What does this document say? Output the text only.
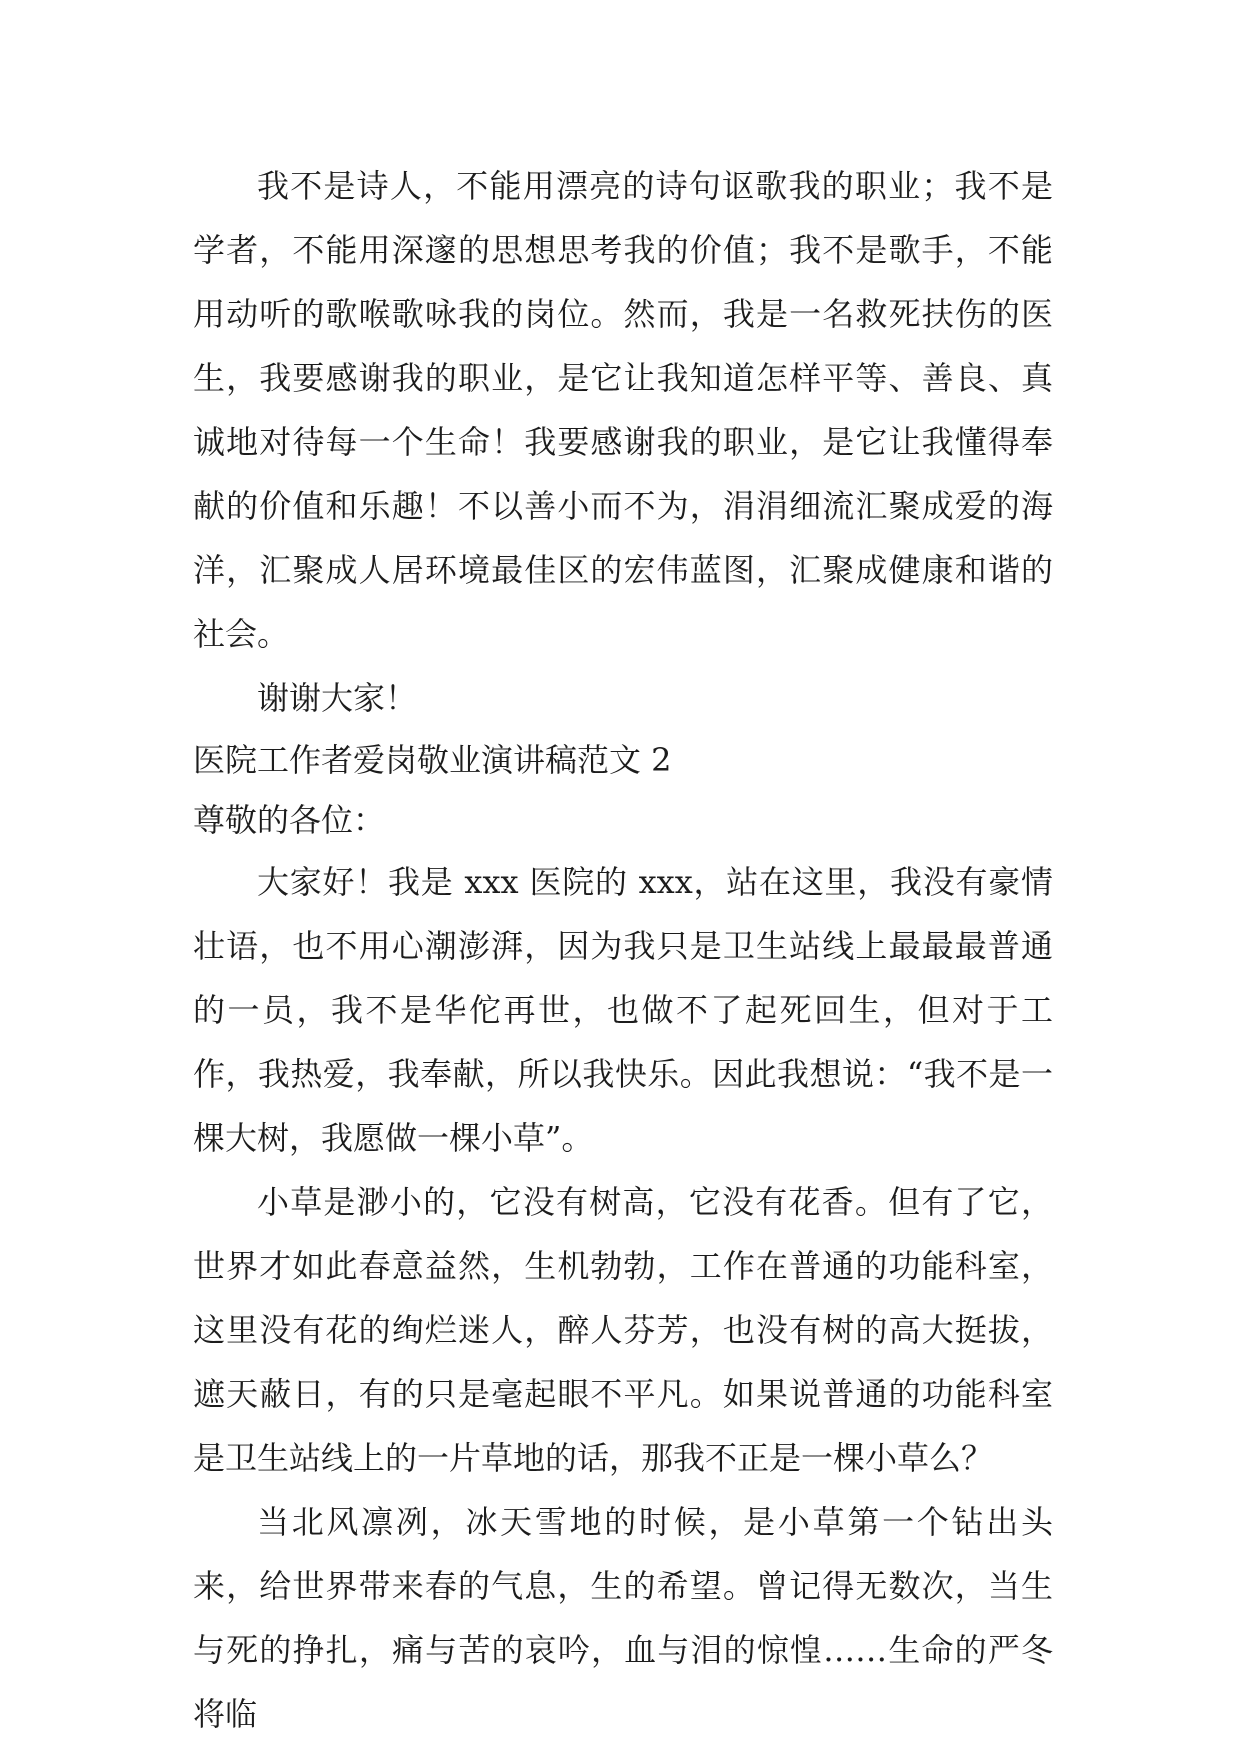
我不是诗人，不能用漂亮的诗句讴歌我的职业；我不是学者，不能用深邃的思想思考我的价值；我不是歌手，不能用动听的歌喉歌咏我的岗位。然而，我是一名救死扶伤的医生，我要感谢我的职业，是它让我知道怎样平等、善良、真诚地对待每一个生命！我要感谢我的职业，是它让我懂得奉献的价值和乐趣！不以善小而不为，涓涓细流汇聚成爱的海洋，汇聚成人居环境最佳区的宏伟蓝图，汇聚成健康和谐的社会。

谢谢大家！

医院工作者爱岗敬业演讲稿范文 2

尊敬的各位：

大家好！我是 xxx 医院的 xxx，站在这里，我没有豪情壮语，也不用心潮澎湃，因为我只是卫生站线上最最最普通的一员，我不是华佗再世，也做不了起死回生，但对于工作，我热爱，我奉献，所以我快乐。因此我想说：“我不是一棵大树，我愿做一棵小草”。

小草是渺小的，它没有树高，它没有花香。但有了它，世界才如此春意益然，生机勃勃，工作在普通的功能科室，这里没有花的绚烂迷人，醉人芬芳，也没有树的高大挺拔，遮天蔽日，有的只是毫起眼不平凡。如果说普通的功能科室是卫生站线上的一片草地的话，那我不正是一棵小草么？

当北风凛冽，冰天雪地的时候，是小草第一个钻出头来，给世界带来春的气息，生的希望。曾记得无数次，当生与死的挣扎，痛与苦的哀吟，血与泪的惊惶……生命的严冬将临
